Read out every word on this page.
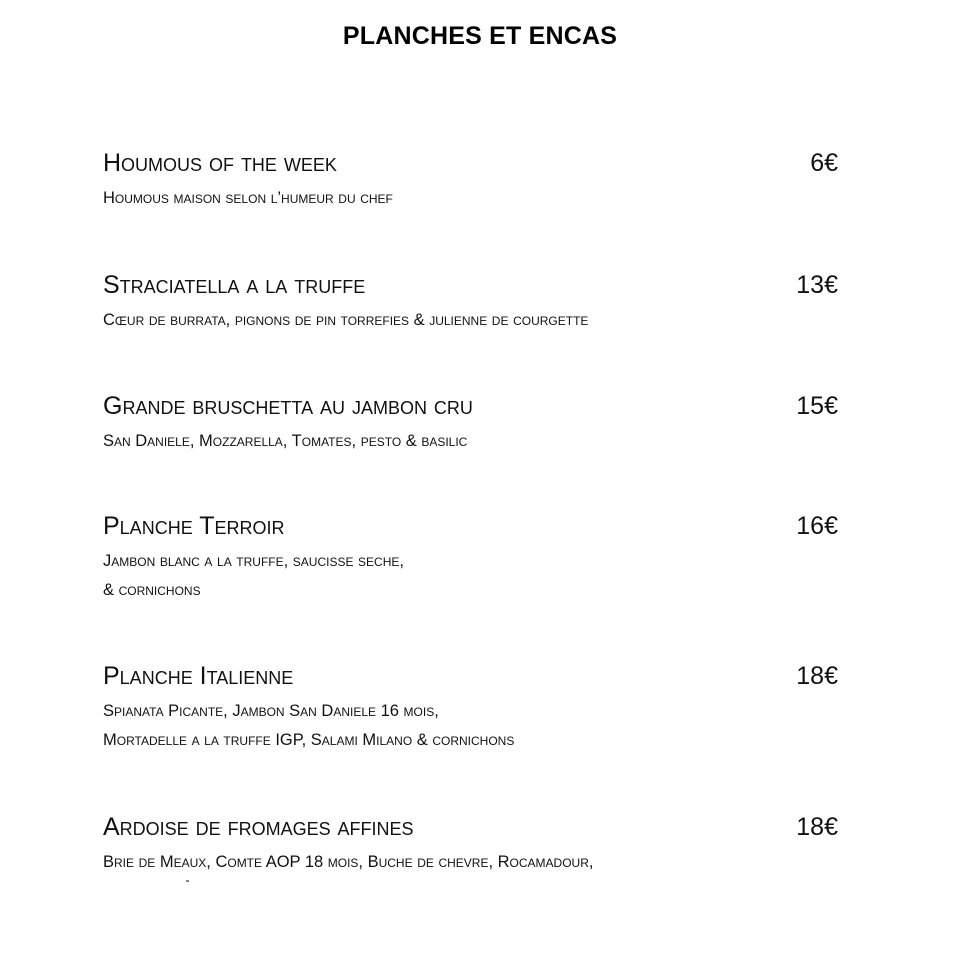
PLANCHES ET ENCAS
Houmous of the week	6€
Houmous maison selon l’humeur du chef
Straciatella a la truffe	13€
Cœur de burrata, pignons de pin torrefies & julienne de courgette
Grande bruschetta au jambon cru	15€
San Daniele, Mozzarella, Tomates, pesto & basilic
Planche Terroir	16€
Jambon blanc a la truffe, saucisse seche,
& cornichons
Planche Italienne	18€
Spianata Picante, Jambon San Daniele 16 mois,
Mortadelle a la truffe IGP, Salami Milano & cornichons
Ardoise de fromages affines	18€
Brie de Meaux, Comte AOP 18 mois, Buche de chevre, Rocamadour,
